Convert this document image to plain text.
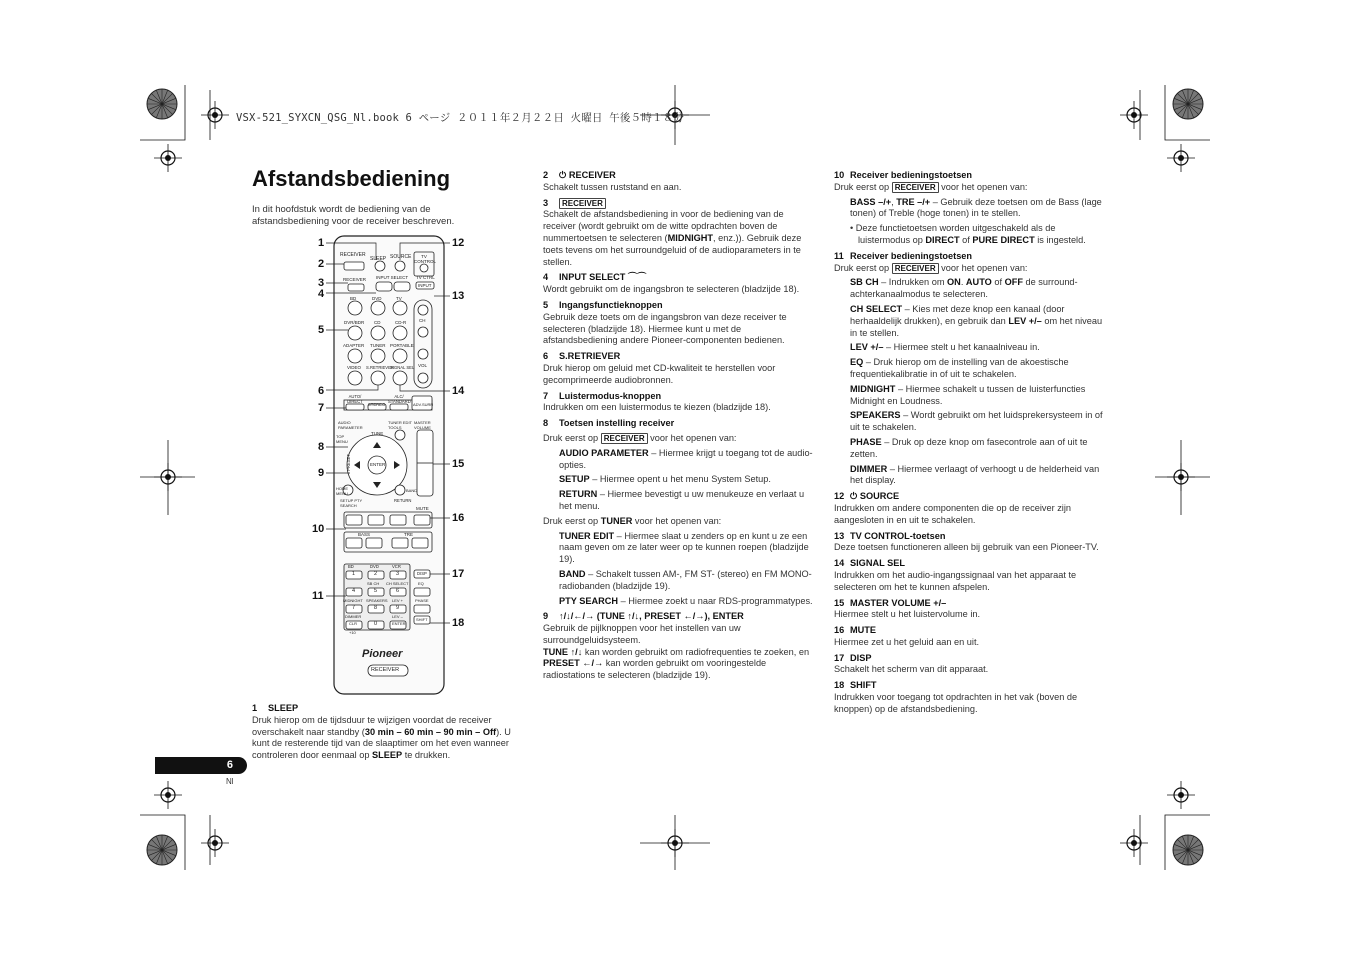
VSX-521_SYXCN_QSG_Nl.book 6 ページ ２０１１年２月２２日 火曜日 午後５時１８分
Afstandsbediening
In dit hoofdstuk wordt de bediening van de afstandsbediening voor de receiver beschreven.
RECEIVER
SLEEP SOURCE	TV CONTROL
RECEIVER INPUT SELECT TV CTRL
INPUT
BD	DVD	TV
DVR/BDR CD	CD-R
ADAPTER TUNER PORTABLE
VIDEO S.RETRIEVER
SIGNAL SEL
CH
VOL
AUTO/ DIRECT
STEREO
ALC/ STANDARD
ADV.SURR
AUDIO PARAMETER
TUNER EDIT TOOLS
MASTER VOLUME
TUNE
PRESET	ENTER
HOME MENU
RETURN
SETUP PTY SEARCH
BAND
TOP MENU
MUTE
BASS	TRE
BD	DVD	VCR
SB CH CH SELECT EQ
MIDNIGHT SPEAKERS LEV +	PHASE
DIMMER	LEV –
CLR
+10
DISP
SHIFT
ENTER
1	2	3
4	5	6
7	8	9
0
Pioneer
RECEIVER
1
2
3
4
5
6
7
8
9
10
11
12
13
14
15
16
17
18
1 SLEEP
Druk hierop om de tijdsduur te wijzigen voordat de receiver overschakelt naar standby (30 min – 60 min – 90 min – Off). U kunt de resterende tijd van de slaaptimer om het even wanneer controleren door eenmaal op SLEEP te drukken.
2 ⏻ RECEIVER
Schakelt tussen ruststand en aan.
3 RECEIVER
Schakelt de afstandsbediening in voor de bediening van de receiver (wordt gebruikt om de witte opdrachten boven de nummertoetsen te selecteren (MIDNIGHT, enz.)). Gebruik deze toets tevens om het surroundgeluid of de audioparameters in te stellen.
4 INPUT SELECT ⌒⌒
Wordt gebruikt om de ingangsbron te selecteren (bladzijde 18).
5 Ingangsfunctieknoppen
Gebruik deze toets om de ingangsbron van deze receiver te selecteren (bladzijde 18). Hiermee kunt u met de afstandsbediening andere Pioneer-componenten bedienen.
6 S.RETRIEVER
Druk hierop om geluid met CD-kwaliteit te herstellen voor gecomprimeerde audiobronnen.
7 Luistermodus-knoppen
Indrukken om een luistermodus te kiezen (bladzijde 18).
8 Toetsen instelling receiver
Druk eerst op RECEIVER voor het openen van:
AUDIO PARAMETER – Hiermee krijgt u toegang tot de audio-opties.
SETUP – Hiermee opent u het menu System Setup.
RETURN – Hiermee bevestigt u uw menukeuze en verlaat u het menu.
Druk eerst op TUNER voor het openen van:
TUNER EDIT – Hiermee slaat u zenders op en kunt u ze een naam geven om ze later weer op te kunnen roepen (bladzijde 19).
BAND – Schakelt tussen AM-, FM ST- (stereo) en FM MONO-radiobanden (bladzijde 19).
PTY SEARCH – Hiermee zoekt u naar RDS-programmatypes.
9 ↑/↓/←/→ (TUNE ↑/↓, PRESET ←/→), ENTER
Gebruik de pijlknoppen voor het instellen van uw surroundgeluidsysteem.
TUNE ↑/↓ kan worden gebruikt om radiofrequenties te zoeken, en PRESET ←/→ kan worden gebruikt om vooringestelde radiostations te selecteren (bladzijde 19).
10 Receiver bedieningstoetsen
Druk eerst op RECEIVER voor het openen van:
BASS –/+, TRE –/+ – Gebruik deze toetsen om de Bass (lage tonen) of Treble (hoge tonen) in te stellen.
• Deze functietoetsen worden uitgeschakeld als de luistermodus op DIRECT of PURE DIRECT is ingesteld.
11 Receiver bedieningstoetsen
Druk eerst op RECEIVER voor het openen van:
SB CH – Indrukken om ON. AUTO of OFF de surround-achterkanaalmodus te selecteren.
CH SELECT – Kies met deze knop een kanaal (door herhaaldelijk drukken), en gebruik dan LEV +/– om het niveau in te stellen.
LEV +/– – Hiermee stelt u het kanaalniveau in.
EQ – Druk hierop om de instelling van de akoestische frequentiekalibratie in of uit te schakelen.
MIDNIGHT – Hiermee schakelt u tussen de luisterfuncties Midnight en Loudness.
SPEAKERS – Wordt gebruikt om het luidsprekersysteem in of uit te schakelen.
PHASE – Druk op deze knop om fasecontrole aan of uit te zetten.
DIMMER – Hiermee verlaagt of verhoogt u de helderheid van het display.
12 ⏻ SOURCE
Indrukken om andere componenten die op de receiver zijn aangesloten in en uit te schakelen.
13 TV CONTROL-toetsen
Deze toetsen functioneren alleen bij gebruik van een Pioneer-TV.
14 SIGNAL SEL
Indrukken om het audio-ingangssignaal van het apparaat te selecteren om het te kunnen afspelen.
15 MASTER VOLUME +/–
Hiermee stelt u het luistervolume in.
16 MUTE
Hiermee zet u het geluid aan en uit.
17 DISP
Schakelt het scherm van dit apparaat.
18 SHIFT
Indrukken voor toegang tot opdrachten in het vak (boven de knoppen) op de afstandsbediening.
6
Nl
